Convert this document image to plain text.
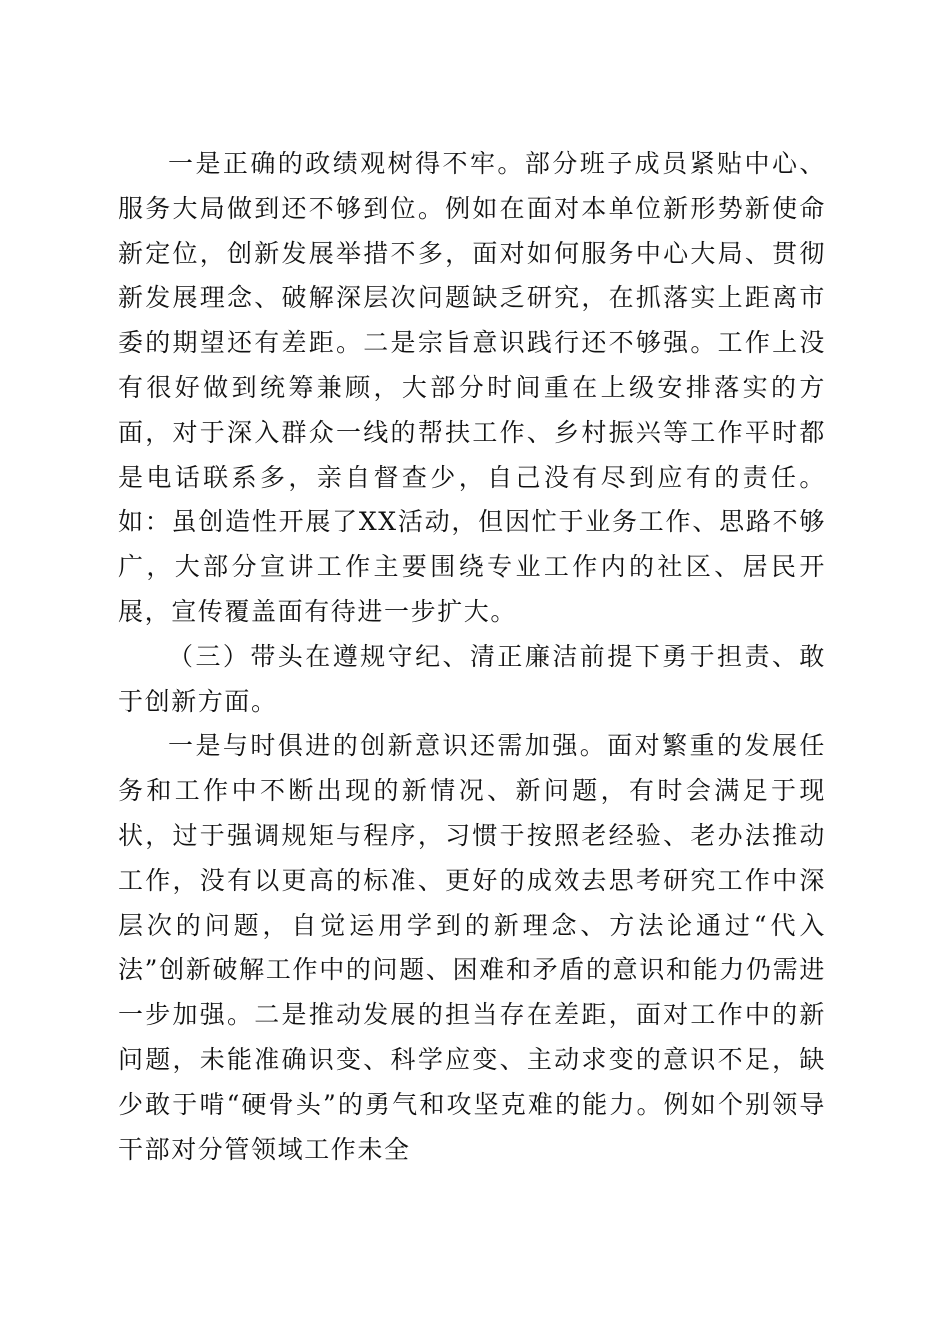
一是正确的政绩观树得不牢。部分班子成员紧贴中心、服务大局做到还不够到位。例如在面对本单位新形势新使命新定位，创新发展举措不多，面对如何服务中心大局、贯彻新发展理念、破解深层次问题缺乏研究，在抓落实上距离市委的期望还有差距。二是宗旨意识践行还不够强。工作上没有很好做到统筹兼顾，大部分时间重在上级安排落实的方面，对于深入群众一线的帮扶工作、乡村振兴等工作平时都是电话联系多，亲自督查少，自己没有尽到应有的责任。如：虽创造性开展了XX活动，但因忙于业务工作、思路不够广，大部分宣讲工作主要围绕专业工作内的社区、居民开展，宣传覆盖面有待进一步扩大。

（三）带头在遵规守纪、清正廉洁前提下勇于担责、敢于创新方面。

一是与时俱进的创新意识还需加强。面对繁重的发展任务和工作中不断出现的新情况、新问题，有时会满足于现状，过于强调规矩与程序，习惯于按照老经验、老办法推动工作，没有以更高的标准、更好的成效去思考研究工作中深层次的问题，自觉运用学到的新理念、方法论通过“代入法”创新破解工作中的问题、困难和矛盾的意识和能力仍需进一步加强。二是推动发展的担当存在差距，面对工作中的新问题，未能准确识变、科学应变、主动求变的意识不足，缺少敢于啃“硬骨头”的勇气和攻坚克难的能力。例如个别领导干部对分管领域工作未全
